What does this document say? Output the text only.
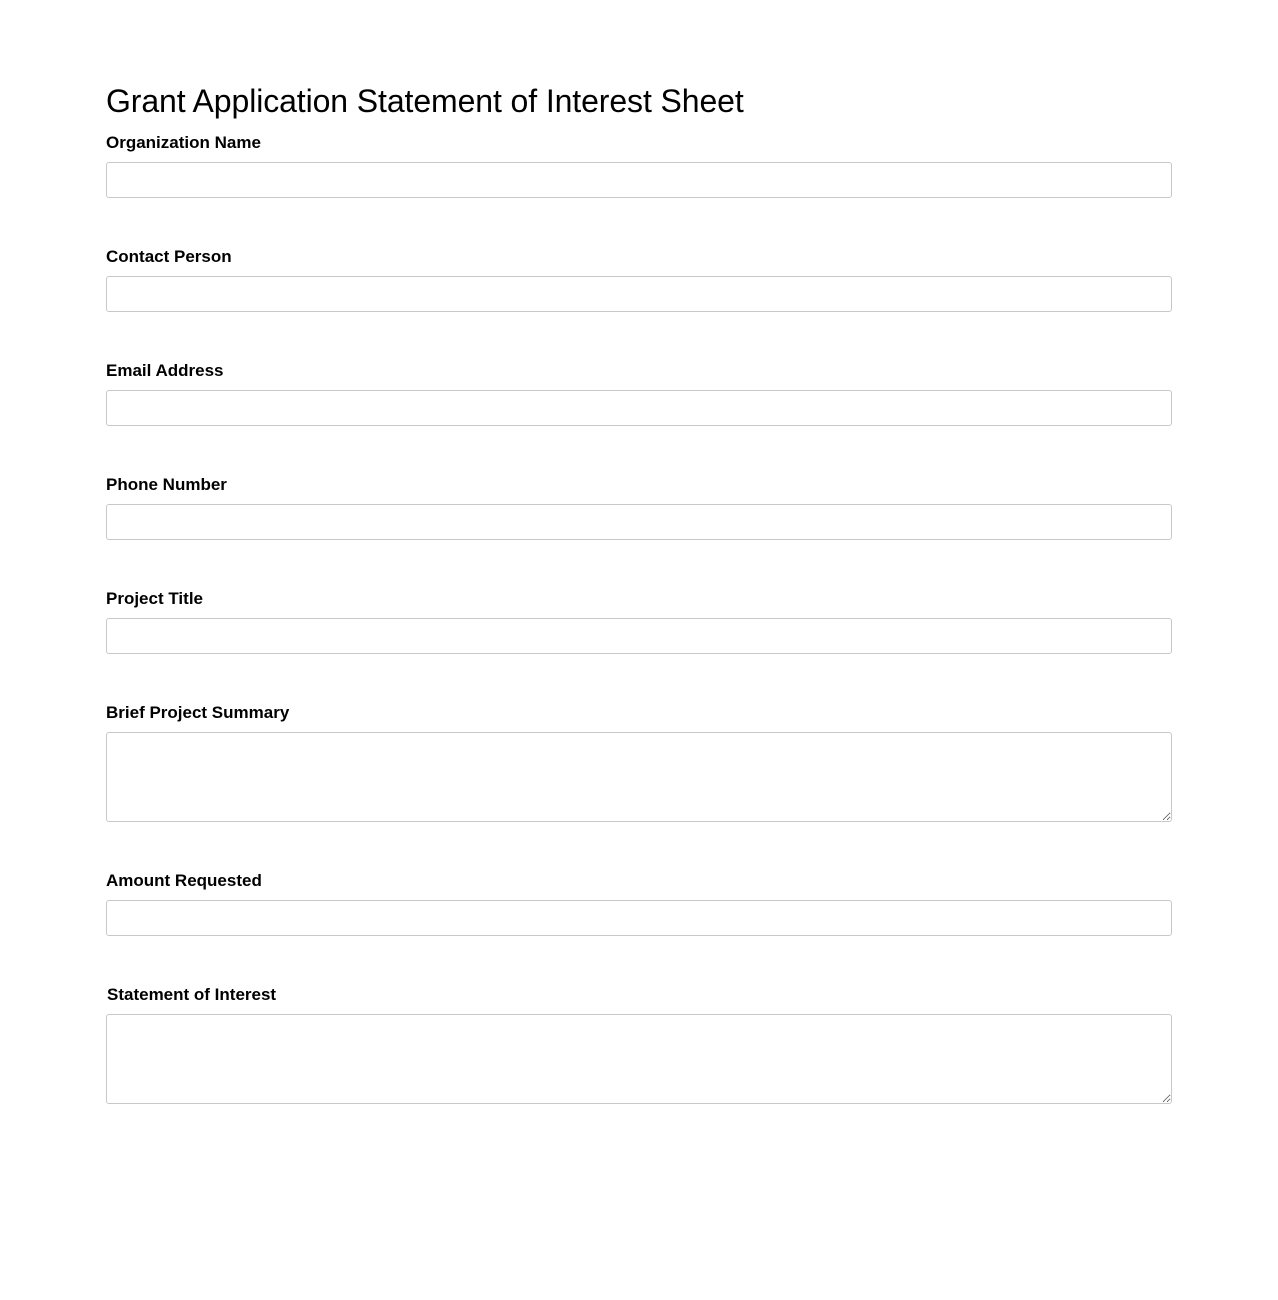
Grant Application Statement of Interest Sheet
Organization Name
Contact Person
Email Address
Phone Number
Project Title
Brief Project Summary
Amount Requested
Statement of Interest
